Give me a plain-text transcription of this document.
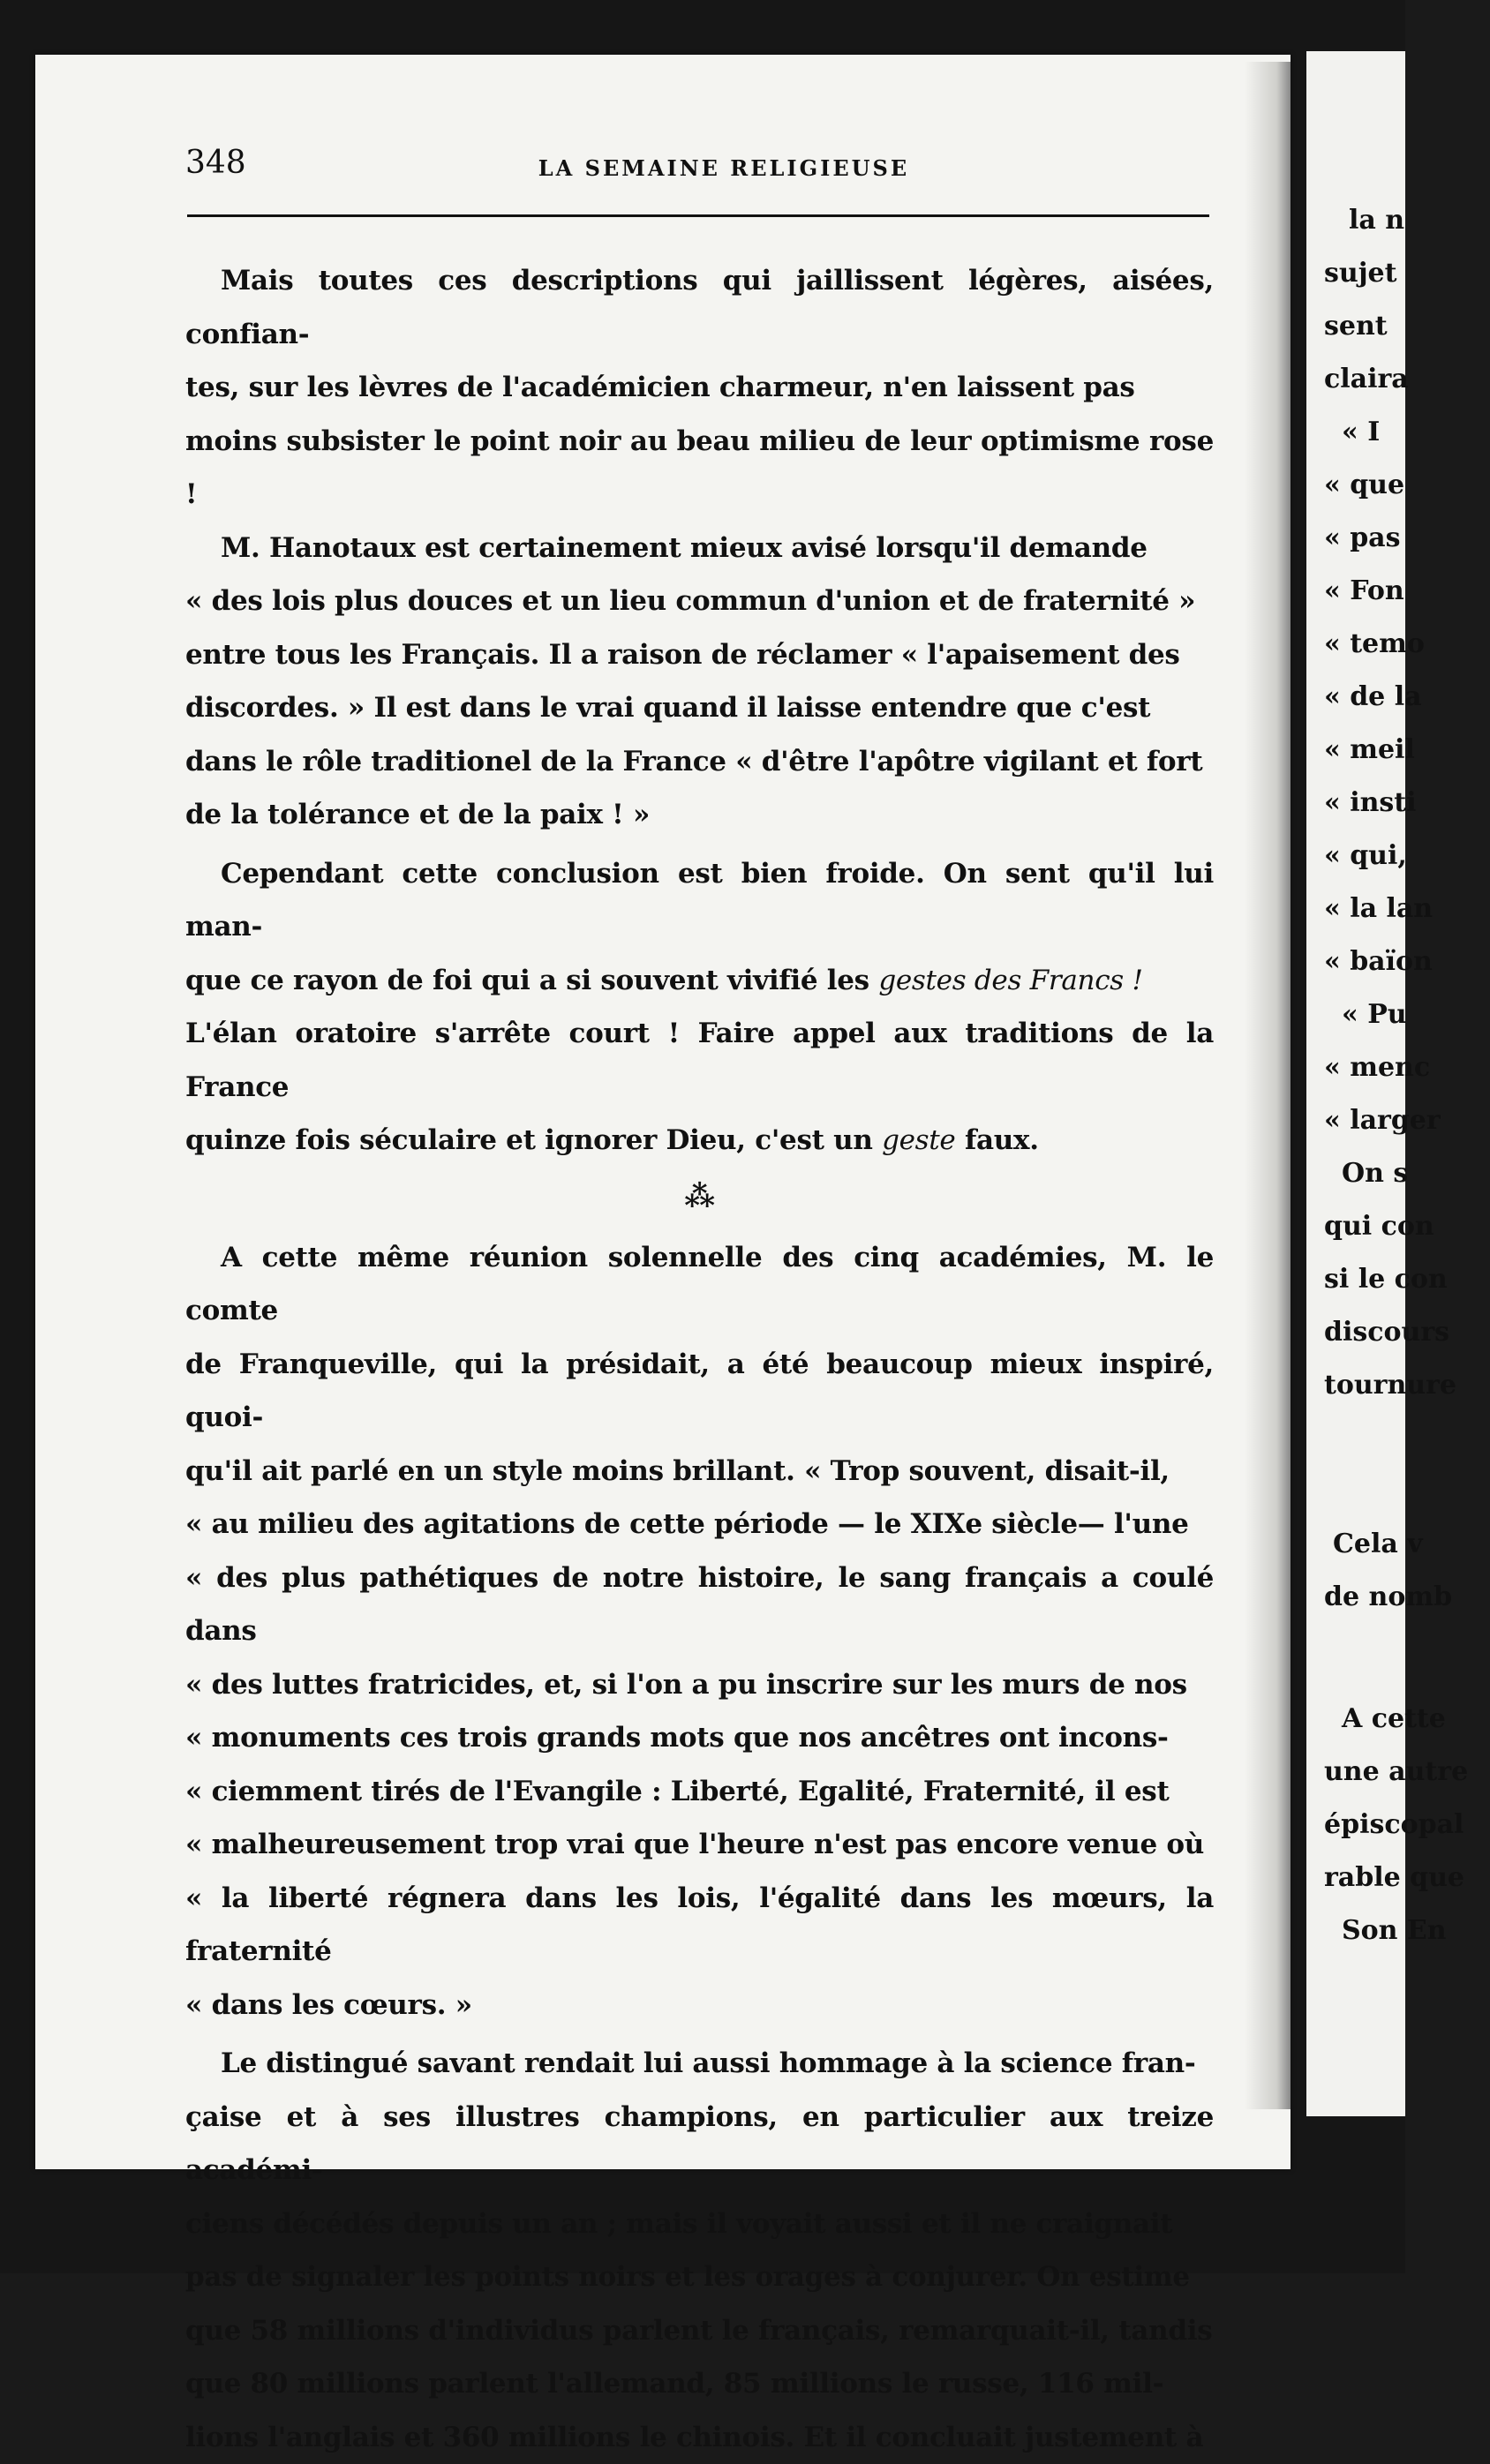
348	LA SEMAINE RELIGIEUSE

Mais toutes ces descriptions qui jaillissent légères, aisées, confian-

tes, sur les lèvres de l'académicien charmeur, n'en laissent pas

moins subsister le point noir au beau milieu de leur optimisme rose !

M. Hanotaux est certainement mieux avisé lorsqu'il demande

« des lois plus douces et un lieu commun d'union et de fraternité »

entre tous les Français. Il a raison de réclamer « l'apaisement des

discordes. » Il est dans le vrai quand il laisse entendre que c'est

dans le rôle traditionel de la France « d'être l'apôtre vigilant et fort

de la tolérance et de la paix ! »

Cependant cette conclusion est bien froide. On sent qu'il lui man-

que ce rayon de foi qui a si souvent vivifié les gestes des Francs !

L'élan oratoire s'arrête court ! Faire appel aux traditions de la France

quinze fois séculaire et ignorer Dieu, c'est un geste faux.

⁂

A cette même réunion solennelle des cinq académies, M. le comte

de Franqueville, qui la présidait, a été beaucoup mieux inspiré, quoi-

qu'il ait parlé en un style moins brillant. « Trop souvent, disait-il,

« au milieu des agitations de cette période — le XIXe siècle— l'une

« des plus pathétiques de notre histoire, le sang français a coulé dans

« des luttes fratricides, et, si l'on a pu inscrire sur les murs de nos

« monuments ces trois grands mots que nos ancêtres ont incons-

« ciemment tirés de l'Evangile : Liberté, Egalité, Fraternité, il est

« malheureusement trop vrai que l'heure n'est pas encore venue où

« la liberté régnera dans les lois, l'égalité dans les mœurs, la fraternité

« dans les cœurs. »

Le distingué savant rendait lui aussi hommage à la science fran-

çaise et à ses illustres champions, en particulier aux treize académi-

ciens décédés depuis un an ; mais il voyait aussi et il ne craignait

pas de signaler les points noirs et les orages à conjurer. On estime

que 58 millions d'individus parlent le français, remarquait-il, tandis

que 80 millions parlent l'allemand, 85 millions le russe, 116 mil-

lions l'anglais et 360 millions le chinois. Et il concluait justement à

la n
sujet
sent
claira
« I
« que
« pas
« Fon
« temo
« de la
« meil
« insti
« qui,
« la lan
« baïon
« Pu
« menc
« larger
On s
qui con
si le con
discours
tournure
Cela v
de nomb
A cette
une autre
épiscopal
rable que
Son En
